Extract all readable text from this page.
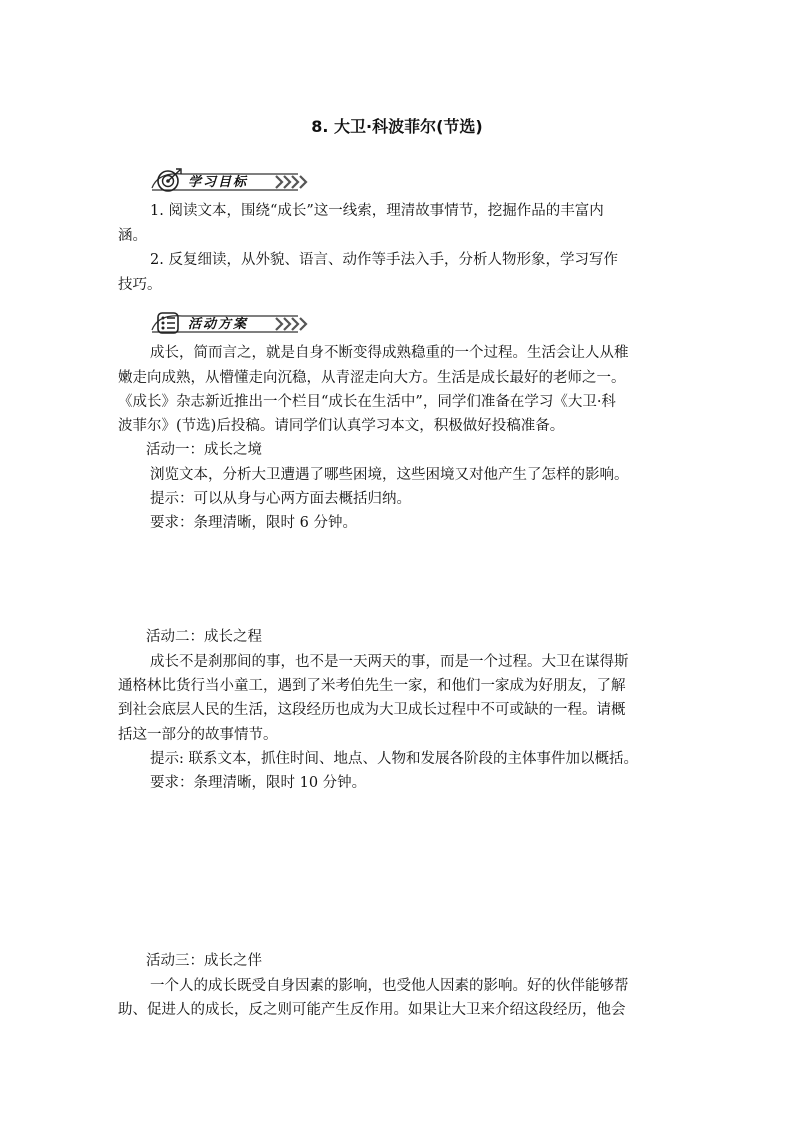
8. 大卫·科波菲尔(节选)
学习目标
1. 阅读文本，围绕“成长”这一线索，理清故事情节，挖掘作品的丰富内
涵。
2. 反复细读，从外貌、语言、动作等手法入手，分析人物形象，学习写作
技巧。
活动方案
成长，简而言之，就是自身不断变得成熟稳重的一个过程。生活会让人从稚
嫩走向成熟，从懵懂走向沉稳，从青涩走向大方。生活是成长最好的老师之一。
《成长》杂志新近推出一个栏目“成长在生活中”，同学们准备在学习《大卫·科
波菲尔》(节选)后投稿。请同学们认真学习本文，积极做好投稿准备。
活动一：成长之境
浏览文本，分析大卫遭遇了哪些困境，这些困境又对他产生了怎样的影响。
提示：可以从身与心两方面去概括归纳。
要求：条理清晰，限时 6 分钟。
活动二：成长之程
成长不是刹那间的事，也不是一天两天的事，而是一个过程。大卫在谋得斯
通格林比货行当小童工，遇到了米考伯先生一家，和他们一家成为好朋友，了解
到社会底层人民的生活，这段经历也成为大卫成长过程中不可或缺的一程。请概
括这一部分的故事情节。
提示: 联系文本，抓住时间、地点、人物和发展各阶段的主体事件加以概括。
要求：条理清晰，限时 10 分钟。
活动三：成长之伴
一个人的成长既受自身因素的影响，也受他人因素的影响。好的伙伴能够帮
助、促进人的成长，反之则可能产生反作用。如果让大卫来介绍这段经历，他会
